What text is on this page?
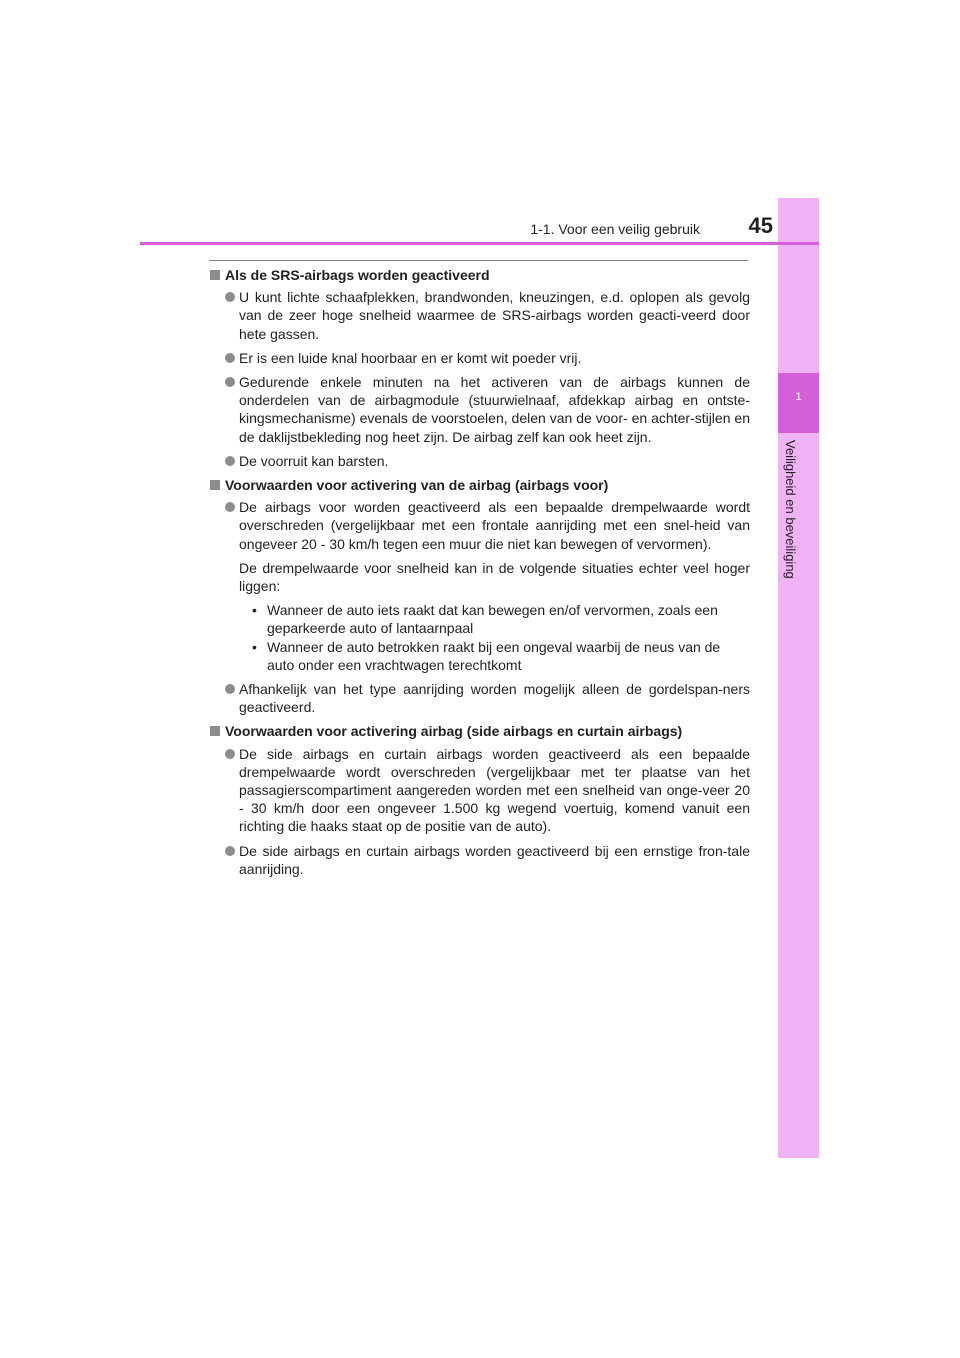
1
Veiligheid en beveiliging
1-1. Voor een veilig gebruik	45
Als de SRS-airbags worden geactiveerd
U kunt lichte schaafplekken, brandwonden, kneuzingen, e.d. oplopen als gevolg van de zeer hoge snelheid waarmee de SRS-airbags worden geacti-veerd door hete gassen.
Er is een luide knal hoorbaar en er komt wit poeder vrij.
Gedurende enkele minuten na het activeren van de airbags kunnen de onderdelen van de airbagmodule (stuurwielnaaf, afdekkap airbag en ontste-kingsmechanisme) evenals de voorstoelen, delen van de voor- en achter-stijlen en de daklijstbekleding nog heet zijn. De airbag zelf kan ook heet zijn.
De voorruit kan barsten.
Voorwaarden voor activering van de airbag (airbags voor)
De airbags voor worden geactiveerd als een bepaalde drempelwaarde wordt overschreden (vergelijkbaar met een frontale aanrijding met een snel-heid van ongeveer 20 - 30 km/h tegen een muur die niet kan bewegen of vervormen).
De drempelwaarde voor snelheid kan in de volgende situaties echter veel hoger liggen:
• Wanneer de auto iets raakt dat kan bewegen en/of vervormen, zoals een geparkeerde auto of lantaarnpaal
• Wanneer de auto betrokken raakt bij een ongeval waarbij de neus van de auto onder een vrachtwagen terechtkomt
Afhankelijk van het type aanrijding worden mogelijk alleen de gordelspan-ners geactiveerd.
Voorwaarden voor activering airbag (side airbags en curtain airbags)
De side airbags en curtain airbags worden geactiveerd als een bepaalde drempelwaarde wordt overschreden (vergelijkbaar met ter plaatse van het passagierscompartiment aangereden worden met een snelheid van onge-veer 20 - 30 km/h door een ongeveer 1.500 kg wegend voertuig, komend vanuit een richting die haaks staat op de positie van de auto).
De side airbags en curtain airbags worden geactiveerd bij een ernstige fron-tale aanrijding.
